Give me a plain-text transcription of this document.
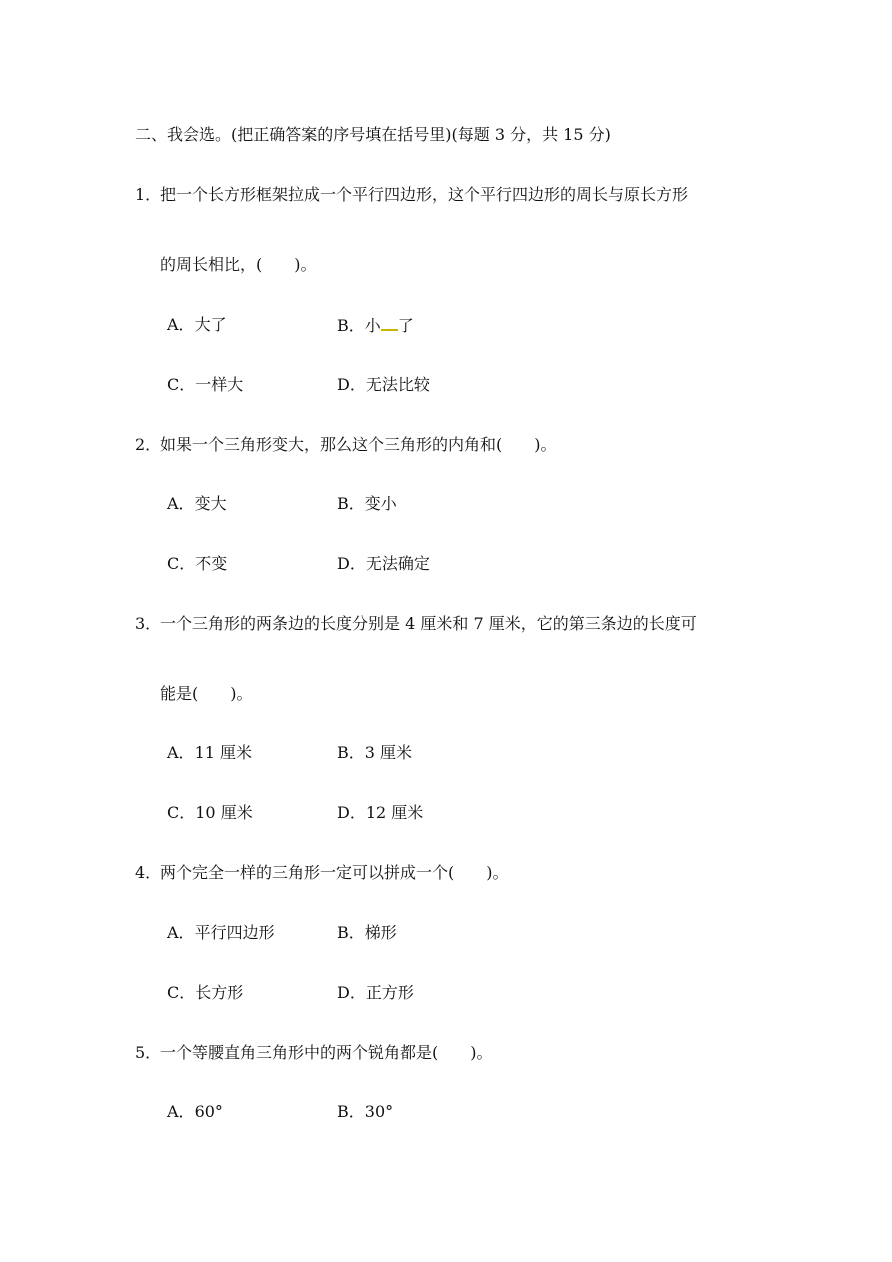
二、我会选。(把正确答案的序号填在括号里)(每题 3 分，共 15 分)
1．
把一个长方形框架拉成一个平行四边形，这个平行四边形的周长与原长方形
的周长相比，(　　)。
A．大了	B．小 了
C．一样大	D．无法比较
2．
如果一个三角形变大，那么这个三角形的内角和(　　)。
A．变大	B．变小
C．不变	D．无法确定
3．
一个三角形的两条边的长度分别是 4 厘米和 7 厘米，它的第三条边的长度可
能是(　　)。
A．11 厘米	B．3 厘米
C．10 厘米	D．12 厘米
4．
两个完全一样的三角形一定可以拼成一个(　　)。
A．平行四边形	B．梯形
C．长方形	D．正方形
5．
一个等腰直角三角形中的两个锐角都是(　　)。
A．60°	B．30°
